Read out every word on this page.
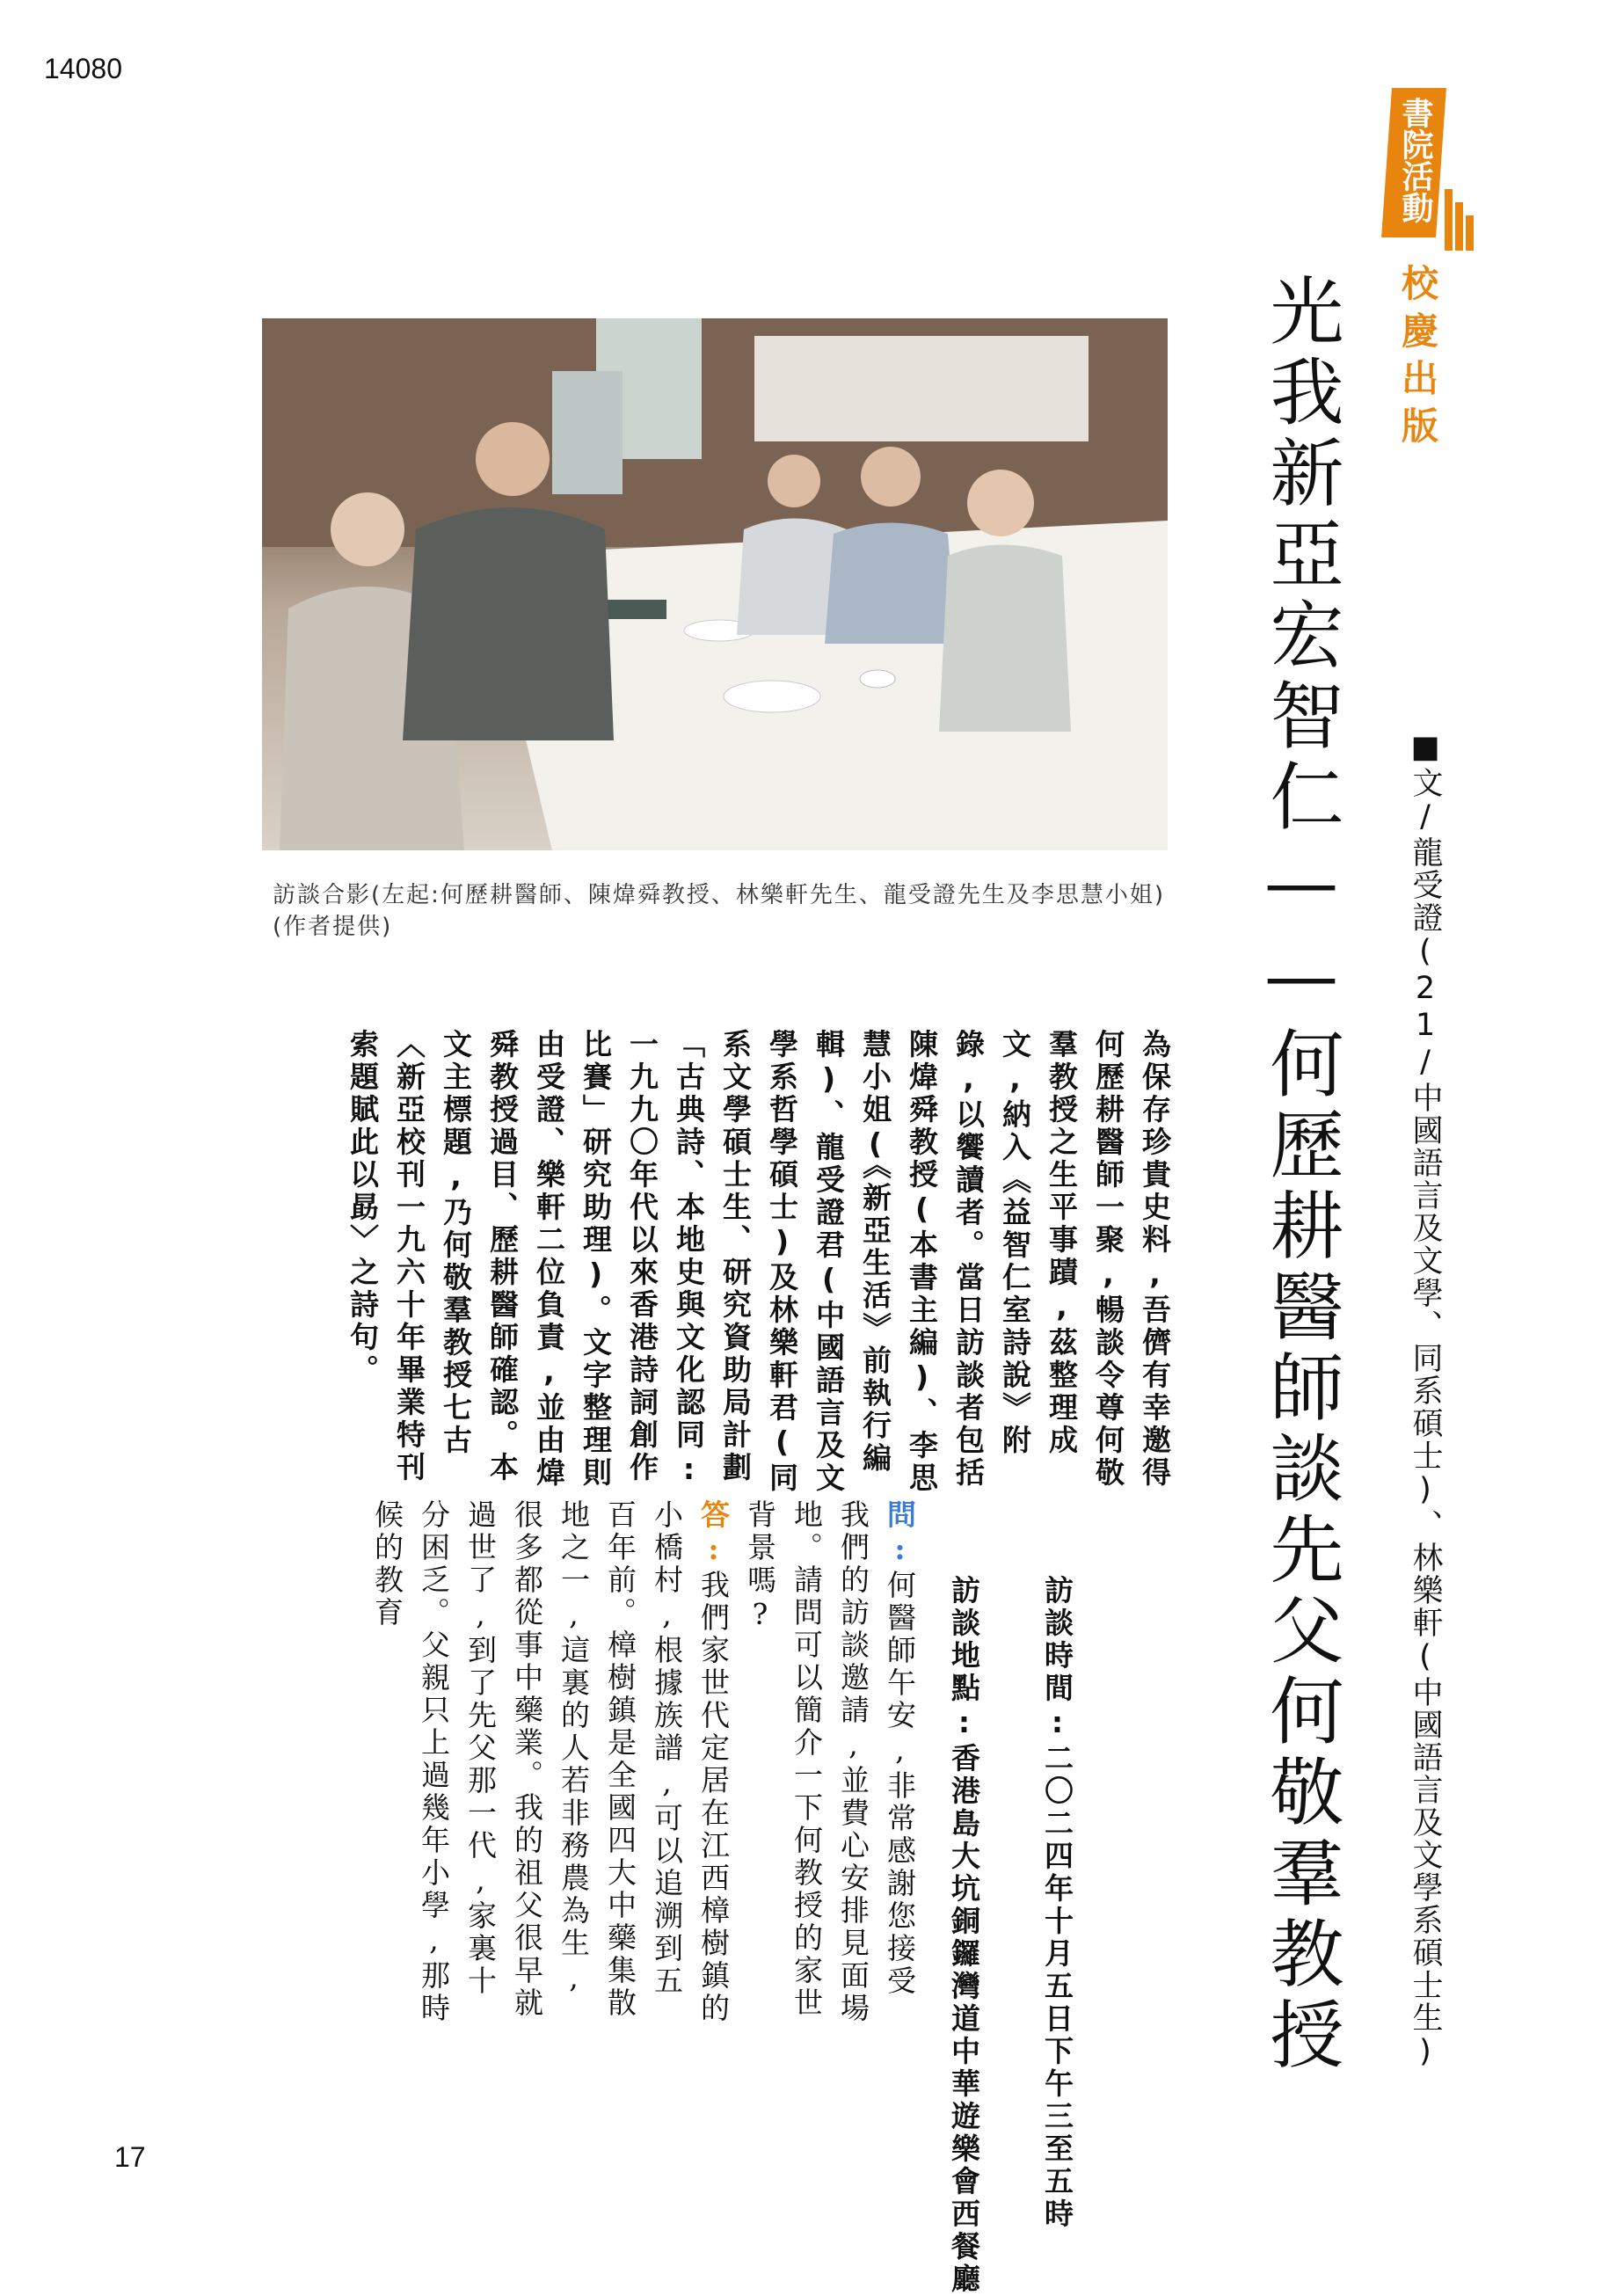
14080
書院活動
校慶出版
光我新亞宏智仁——何歷耕醫師談先父何敬羣教授	■文/龍受證(21/中國語言及文學、同系碩士)、林樂軒(中國語言及文學系碩士生)
訪談合影(左起:何歷耕醫師、陳煒舜教授、林樂軒先生、龍受證先生及李思慧小姐)(作者提供)
為保存珍貴史料,吾儕有幸邀得何歷耕醫師一聚,暢談令尊何敬羣教授之生平事蹟,茲整理成文,納入《益智仁室詩說》附錄,以饗讀者。當日訪談者包括陳煒舜教授(本書主編)、李思慧小姐(《新亞生活》前執行編輯)、龍受證君(中國語言及文學系哲學碩士)及林樂軒君(同系文學碩士生、研究資助局計劃「古典詩、本地史與文化認同:一九九〇年代以來香港詩詞創作比賽」研究助理)。文字整理則由受證、樂軒二位負責,並由煒舜教授過目、歷耕醫師確認。本文主標題,乃何敬羣教授七古〈新亞校刊一九六十年畢業特刊索題賦此以勗〉之詩句。

訪談時間:二〇二四年十月五日下午三至五時

訪談地點:香港島大坑銅鑼灣道中華遊樂會西餐廳

問:何醫師午安,非常感謝您接受我們的訪談邀請,並費心安排見面場地。請問可以簡介一下何教授的家世背景嗎?
答:我們家世代定居在江西樟樹鎮的小橋村,根據族譜,可以追溯到五百年前。樟樹鎮是全國四大中藥集散地之一,這裏的人若非務農為生,很多都從事中藥業。我的祖父很早就過世了,到了先父那一代,家裏十分困乏。父親只上過幾年小學,那時候的教育
17
